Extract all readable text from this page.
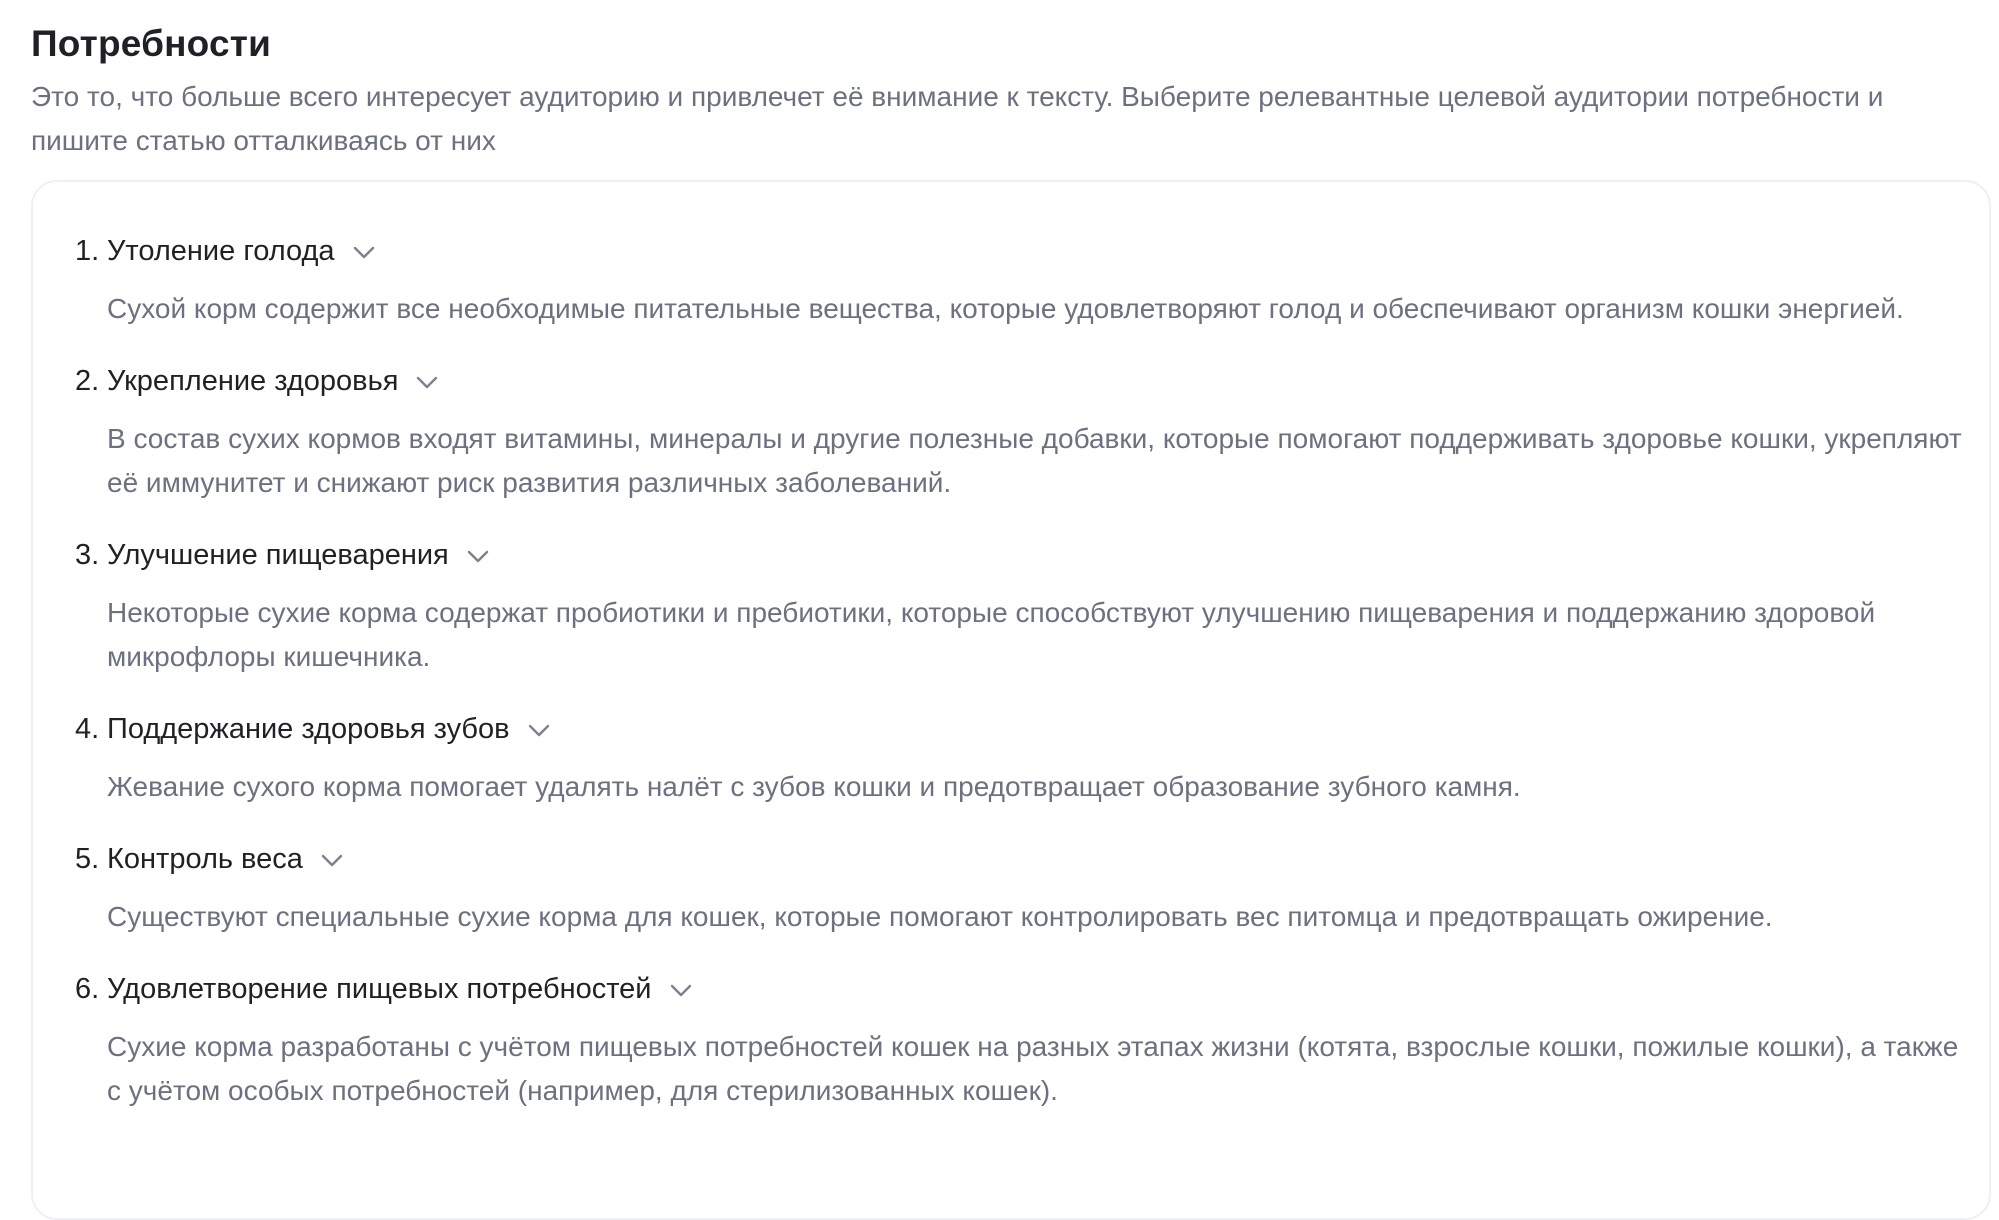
Потребности

Это то, что больше всего интересует аудиторию и привлечет её внимание к тексту. Выберите релевантные целевой аудитории потребности и пишите статью отталкиваясь от них

1. Утоление голода

Сухой корм содержит все необходимые питательные вещества, которые удовлетворяют голод и обеспечивают организм кошки энергией.

2. Укрепление здоровья

В состав сухих кормов входят витамины, минералы и другие полезные добавки, которые помогают поддерживать здоровье кошки, укрепляют её иммунитет и снижают риск развития различных заболеваний.

3. Улучшение пищеварения

Некоторые сухие корма содержат пробиотики и пребиотики, которые способствуют улучшению пищеварения и поддержанию здоровой микрофлоры кишечника.

4. Поддержание здоровья зубов

Жевание сухого корма помогает удалять налёт с зубов кошки и предотвращает образование зубного камня.

5. Контроль веса

Существуют специальные сухие корма для кошек, которые помогают контролировать вес питомца и предотвращать ожирение.

6. Удовлетворение пищевых потребностей

Сухие корма разработаны с учётом пищевых потребностей кошек на разных этапах жизни (котята, взрослые кошки, пожилые кошки), а также с учётом особых потребностей (например, для стерилизованных кошек).
